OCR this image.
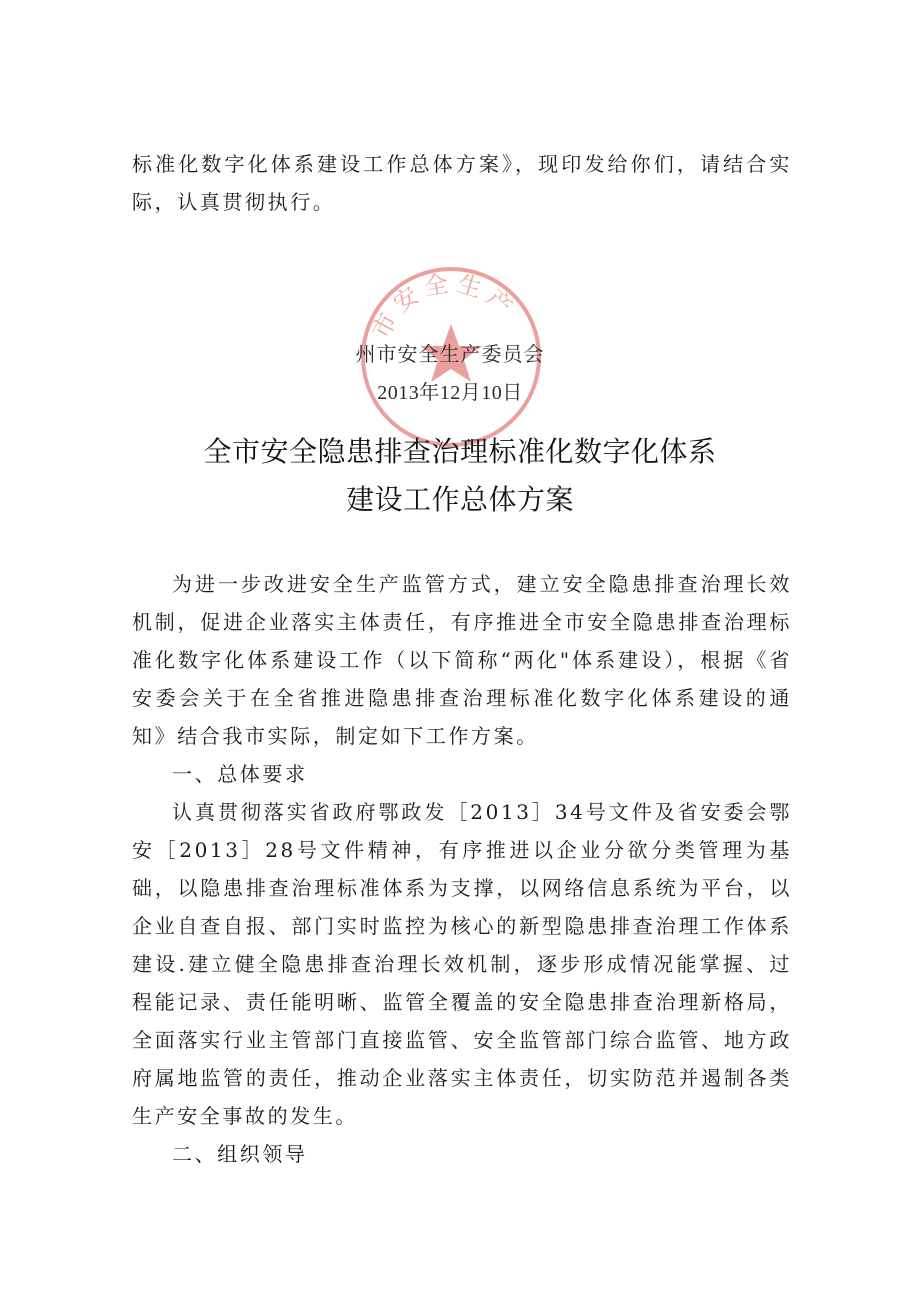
标准化数字化体系建设工作总体方案》，现印发给你们，请结合实际，认真贯彻执行。

市安全生产
州市安全生产委员会
2013年12月10日
全市安全隐患排查治理标准化数字化体系
建设工作总体方案

为进一步改进安全生产监管方式，建立安全隐患排查治理长效机制，促进企业落实主体责任，有序推进全市安全隐患排查治理标准化数字化体系建设工作（以下简称“两化"体系建设），根据《省安委会关于在全省推进隐患排查治理标准化数字化体系建设的通知》结合我市实际，制定如下工作方案。

一、总体要求

认真贯彻落实省政府鄂政发［2013］34号文件及省安委会鄂安［2013］28号文件精神，有序推进以企业分欲分类管理为基础，以隐患排查治理标准体系为支撑，以网络信息系统为平台，以企业自查自报、部门实时监控为核心的新型隐患排查治理工作体系建设.建立健全隐患排查治理长效机制，逐步形成情况能掌握、过程能记录、责任能明晰、监管全覆盖的安全隐患排查治理新格局，全面落实行业主管部门直接监管、安全监管部门综合监管、地方政府属地监管的责任，推动企业落实主体责任，切实防范并遏制各类生产安全事故的发生。

二、组织领导
